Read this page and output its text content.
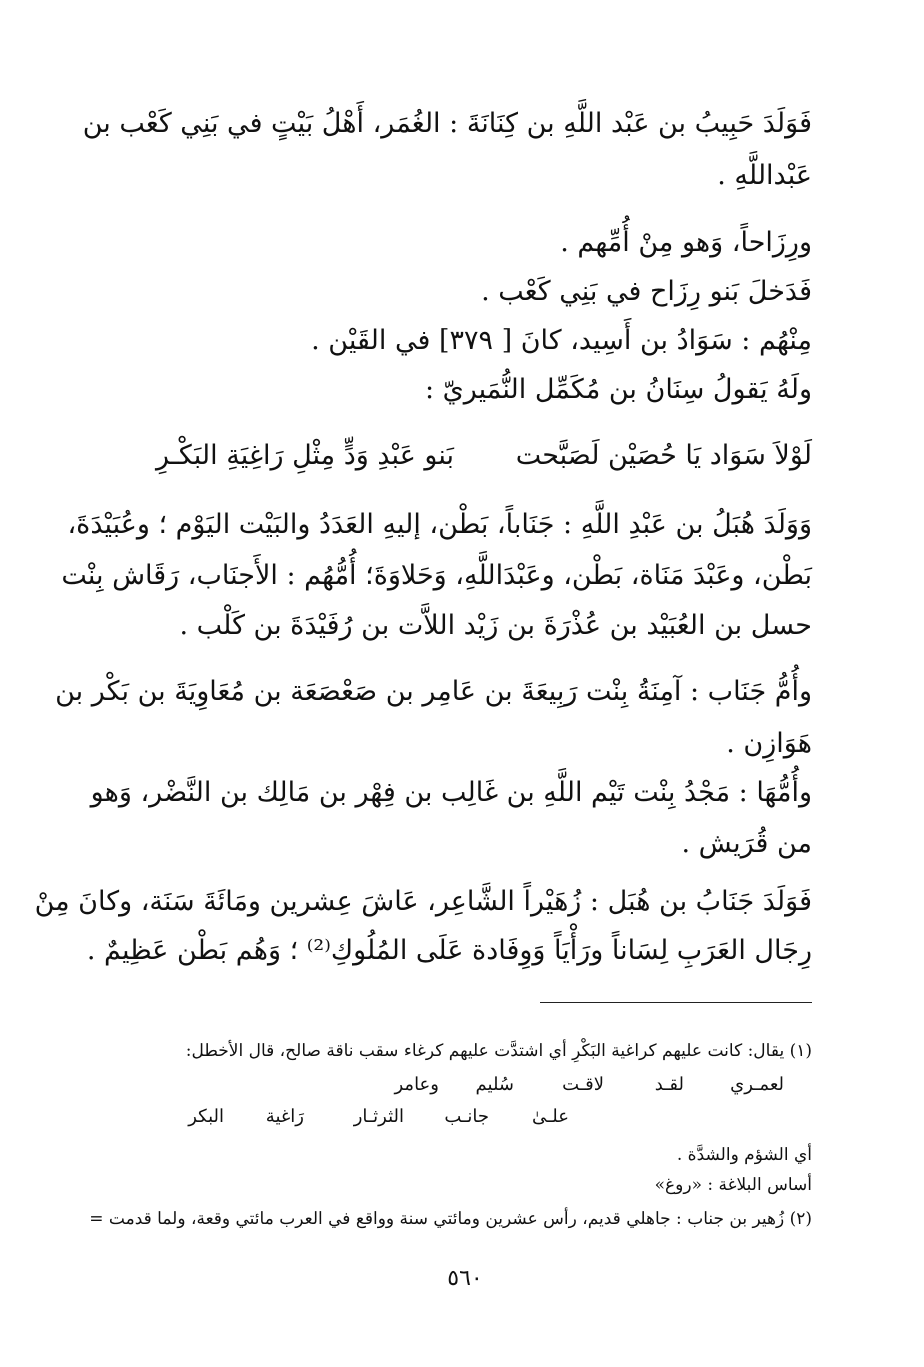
فَوَلَدَ حَبِيبُ بن عَبْد اللَّهِ بن كِنَانَةَ : الغُمَر، أَهْلُ بَيْتٍ في بَنِي كَعْب بن
عَبْداللَّهِ .
ورِزَاحاً، وَهو مِنْ أُمِّهم .
فَدَخلَ بَنو رِزَاح في بَنِي كَعْب .
مِنْهُم : سَوَادُ بن أَسِيد، كانَ [ ٣٧٩] في القَيْن .
ولَهُ يَقولُ سِنَانُ بن مُكَمِّل النُّمَيريّ :
لَوْلاَ سَوَاد يَا حُصَيْن لَصَبَّحت
بَنو عَبْدِ وَدٍّ مِثْلِ رَاغِيَةِ البَكْـرِ
وَوَلَدَ هُبَلُ بن عَبْدِ اللَّهِ : جَنَاباً، بَطْن، إليهِ العَدَدُ والبَيْت اليَوْم ؛ وعُبَيْدَةَ،
بَطْن، وعَبْدَ مَنَاة، بَطْن، وعَبْدَاللَّهِ، وَحَلاوَةَ؛ أُمُّهُم : الأَجنَاب، رَقَاش بِنْت
حسل بن العُبَيْد بن عُذْرَةَ بن زَيْد اللاَّت بن رُفَيْدَةَ بن كَلْب .
وأُمُّ جَنَاب : آمِنَةُ بِنْت رَبِيعَةَ بن عَامِر بن صَعْصَعَة بن مُعَاوِيَةَ بن بَكْر بن
هَوَازِن .
وأُمُّهَا : مَجْدُ بِنْت تَيْم اللَّهِ بن غَالِب بن فِهْر بن مَالِك بن النَّضْر، وَهو
من قُرَيش .
فَوَلَدَ جَنَابُ بن هُبَل : زُهَيْراً الشَّاعِر، عَاشَ عِشرين ومَائَةَ سَنَة، وكانَ مِنْ
رِجَال العَرَبِ لِسَاناً ورَأْيَاً وَوِفَادة عَلَى المُلُوكِ⁽²⁾ ؛ وَهُم بَطْن عَظِيمٌ .
(١) يقال: كانت عليهم كراغية البَكْرِ أي اشتدَّت عليهم كرغاء سقب ناقة صالح، قال الأخطل:
لعمـري
لقـد
لاقـت
سُليم
وعامر
علـىٰ
جانـب
الثرثـار
رَاغية
البكر
أي الشؤم والشدَّة .
أساس البلاغة : «روغ»
(٢) زُهير بن جناب : جاهلي قديم، رأس عشرين ومائتي سنة وواقع في العرب مائتي وقعة، ولما قدمت =
٥٦٠
